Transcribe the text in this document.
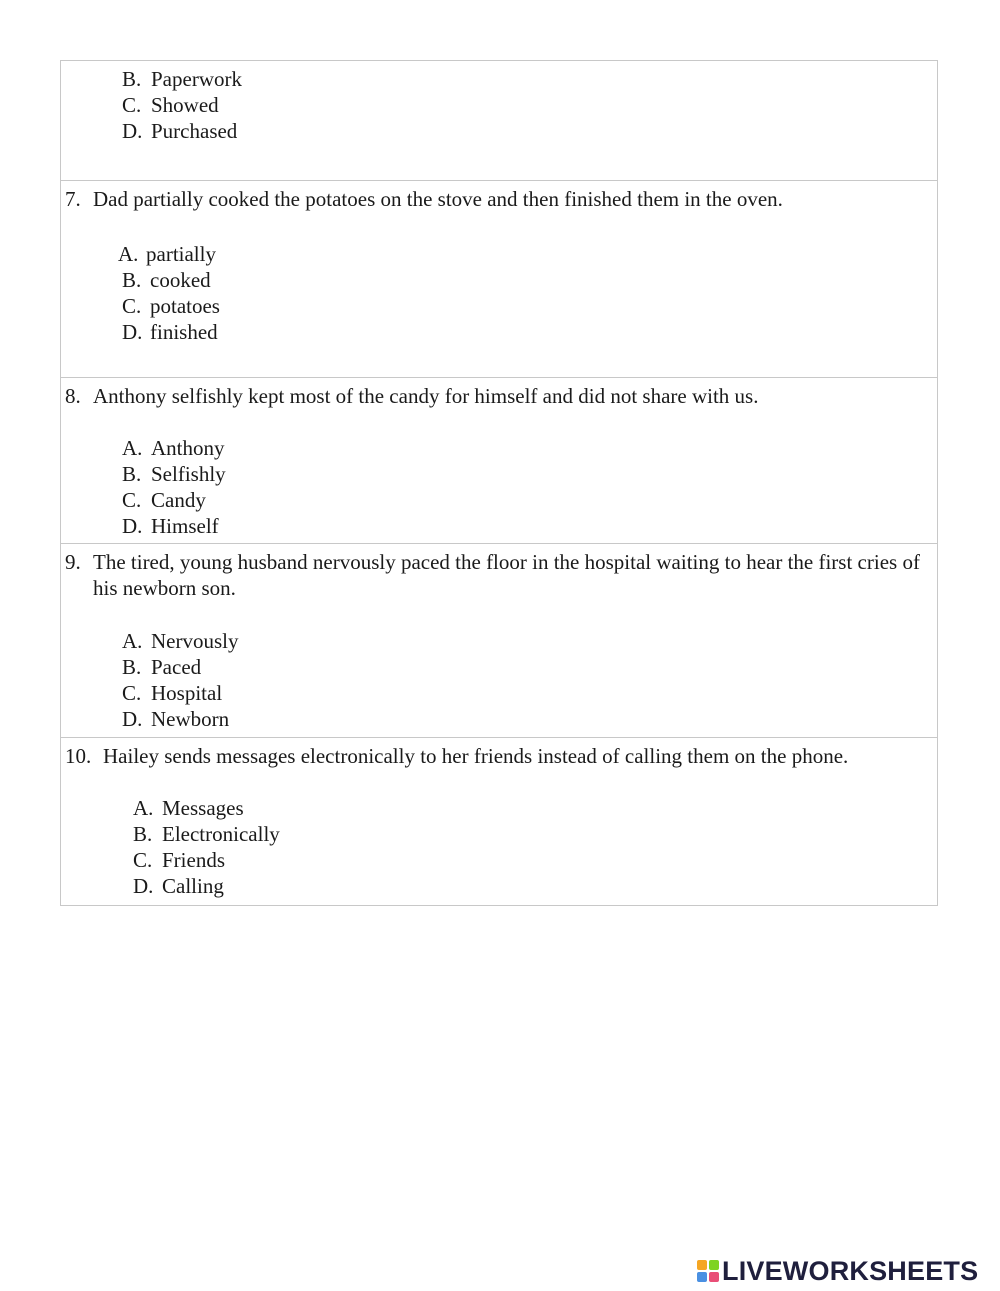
B. Paperwork
C. Showed
D. Purchased
7. Dad partially cooked the potatoes on the stove and then finished them in the oven.
A. partially
B. cooked
C. potatoes
D. finished
8. Anthony selfishly kept most of the candy for himself and did not share with us.
A. Anthony
B. Selfishly
C. Candy
D. Himself
9. The tired, young husband nervously paced the floor in the hospital waiting to hear the first cries of his newborn son.
A. Nervously
B. Paced
C. Hospital
D. Newborn
10. Hailey sends messages electronically to her friends instead of calling them on the phone.
A. Messages
B. Electronically
C. Friends
D. Calling
LIVEWORKSHEETS
